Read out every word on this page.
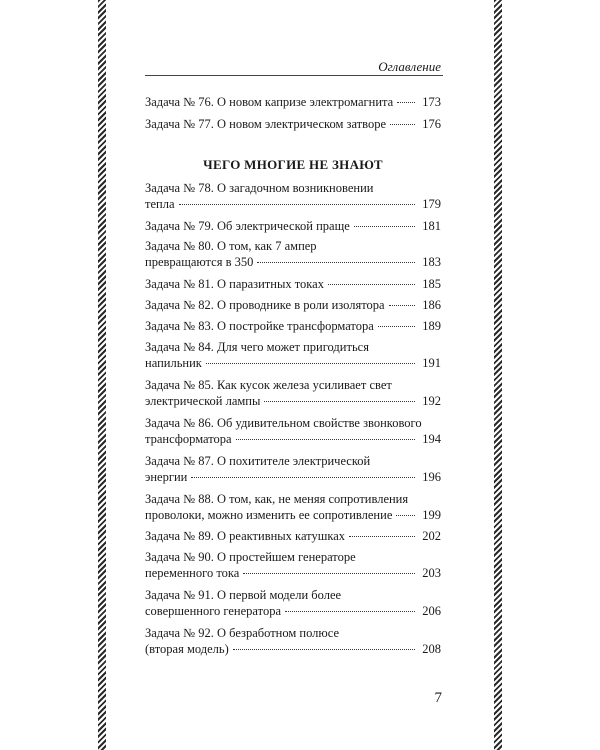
Оглавление
Задача № 76. О новом капризе электромагнита 173
Задача № 77. О новом электрическом затворе	176
ЧЕГО МНОГИЕ НЕ ЗНАЮТ
Задача № 78. О загадочном возникновении
тепла	179
Задача № 79. Об электрической праще	181
Задача № 80. О том, как 7 ампер
превращаются в 350	183
Задача № 81. О паразитных токах	185
Задача № 82. О проводнике в роли изолятора	186
Задача № 83. О постройке трансформатора	189
Задача № 84. Для чего может пригодиться
напильник	191
Задача № 85. Как кусок железа усиливает свет
электрической лампы	192
Задача № 86. Об удивительном свойстве звонкового
трансформатора	194
Задача № 87. О похитителе электрической
энергии	196
Задача № 88. О том, как, не меняя сопротивления
проволоки, можно изменить ее сопротивление 199
Задача № 89. О реактивных катушках	202
Задача № 90. О простейшем генераторе
переменного тока	203
Задача № 91. О первой модели более
совершенного генератора	206
Задача № 92. О безработном полюсе
(вторая модель)	208
7
